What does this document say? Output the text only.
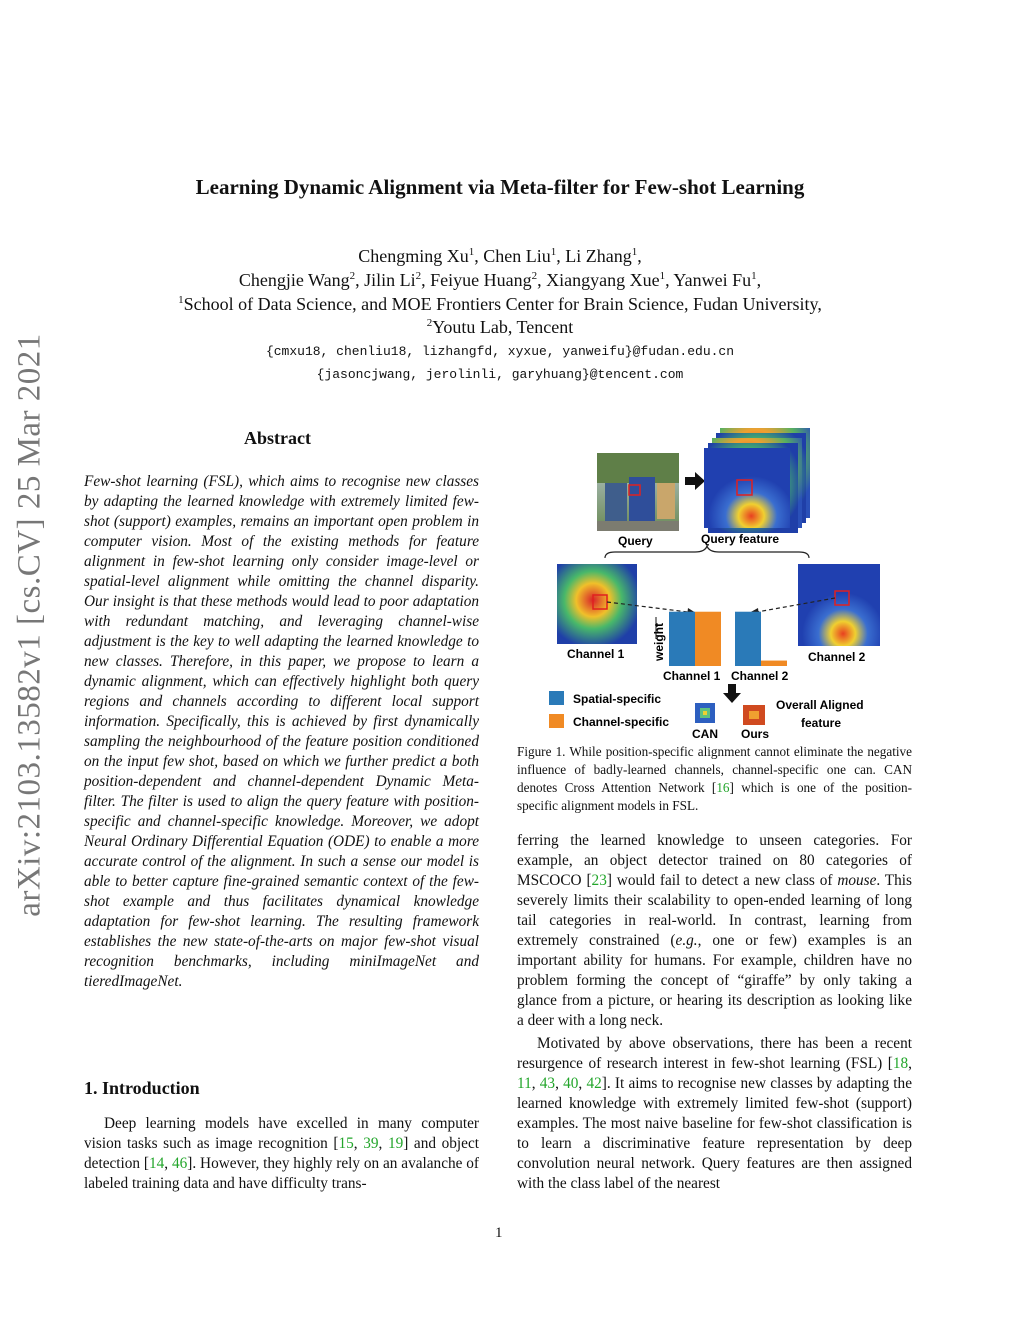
arXiv:2103.13582v1 [cs.CV] 25 Mar 2021
Learning Dynamic Alignment via Meta-filter for Few-shot Learning
Chengming Xu$^1$, Chen Liu$^1$, Li Zhang$^1$,
Chengjie Wang$^2$, Jilin Li$^2$, Feiyue Huang$^2$, Xiangyang Xue$^1$, Yanwei Fu$^1$,
$^1$School of Data Science, and MOE Frontiers Center for Brain Science, Fudan University,
$^2$Youtu Lab, Tencent
{cmxu18, chenliu18, lizhangfd, xyxue, yanweifu}@fudan.edu.cn
{jasoncjwang, jerolinli, garyhuang}@tencent.com
Abstract
Few-shot learning (FSL), which aims to recognise new classes by adapting the learned knowledge with extremely limited few-shot (support) examples, remains an important open problem in computer vision. Most of the existing methods for feature alignment in few-shot learning only consider image-level or spatial-level alignment while omitting the channel disparity. Our insight is that these methods would lead to poor adaptation with redundant matching, and leveraging channel-wise adjustment is the key to well adapting the learned knowledge to new classes. Therefore, in this paper, we propose to learn a dynamic alignment, which can effectively highlight both query regions and channels according to different local support information. Specifically, this is achieved by first dynamically sampling the neighbourhood of the feature position conditioned on the input few shot, based on which we further predict a both position-dependent and channel-dependent Dynamic Meta-filter. The filter is used to align the query feature with position-specific and channel-specific knowledge. Moreover, we adopt Neural Ordinary Differential Equation (ODE) to enable a more accurate control of the alignment. In such a sense our model is able to better capture fine-grained semantic context of the few-shot example and thus facilitates dynamical knowledge adaptation for few-shot learning. The resulting framework establishes the new state-of-the-arts on major few-shot visual recognition benchmarks, including miniImageNet and tieredImageNet.
1. Introduction
Deep learning models have excelled in many computer vision tasks such as image recognition [15, 39, 19] and object detection [14, 46]. However, they highly rely on an avalanche of labeled training data and have difficulty trans-
Query	Query feature
Channel 1	Channel 2
weight
Channel 1 Channel 2
Spatial-specific
Channel-specific
CAN Ours
Overall Aligned
feature
Figure 1. While position-specific alignment cannot eliminate the negative influence of badly-learned channels, channel-specific one can. CAN denotes Cross Attention Network [16] which is one of the position-specific alignment models in FSL.
ferring the learned knowledge to unseen categories. For example, an object detector trained on 80 categories of MSCOCO [23] would fail to detect a new class of mouse. This severely limits their scalability to open-ended learning of long tail categories in real-world. In contrast, learning from extremely constrained (e.g., one or few) examples is an important ability for humans. For example, children have no problem forming the concept of “giraffe” by only taking a glance from a picture, or hearing its description as looking like a deer with a long neck.
Motivated by above observations, there has been a recent resurgence of research interest in few-shot learning (FSL) [18, 11, 43, 40, 42]. It aims to recognise new classes by adapting the learned knowledge with extremely limited few-shot (support) examples. The most naive baseline for few-shot classification is to learn a discriminative feature representation by deep convolution neural network. Query features are then assigned with the class label of the nearest
1
